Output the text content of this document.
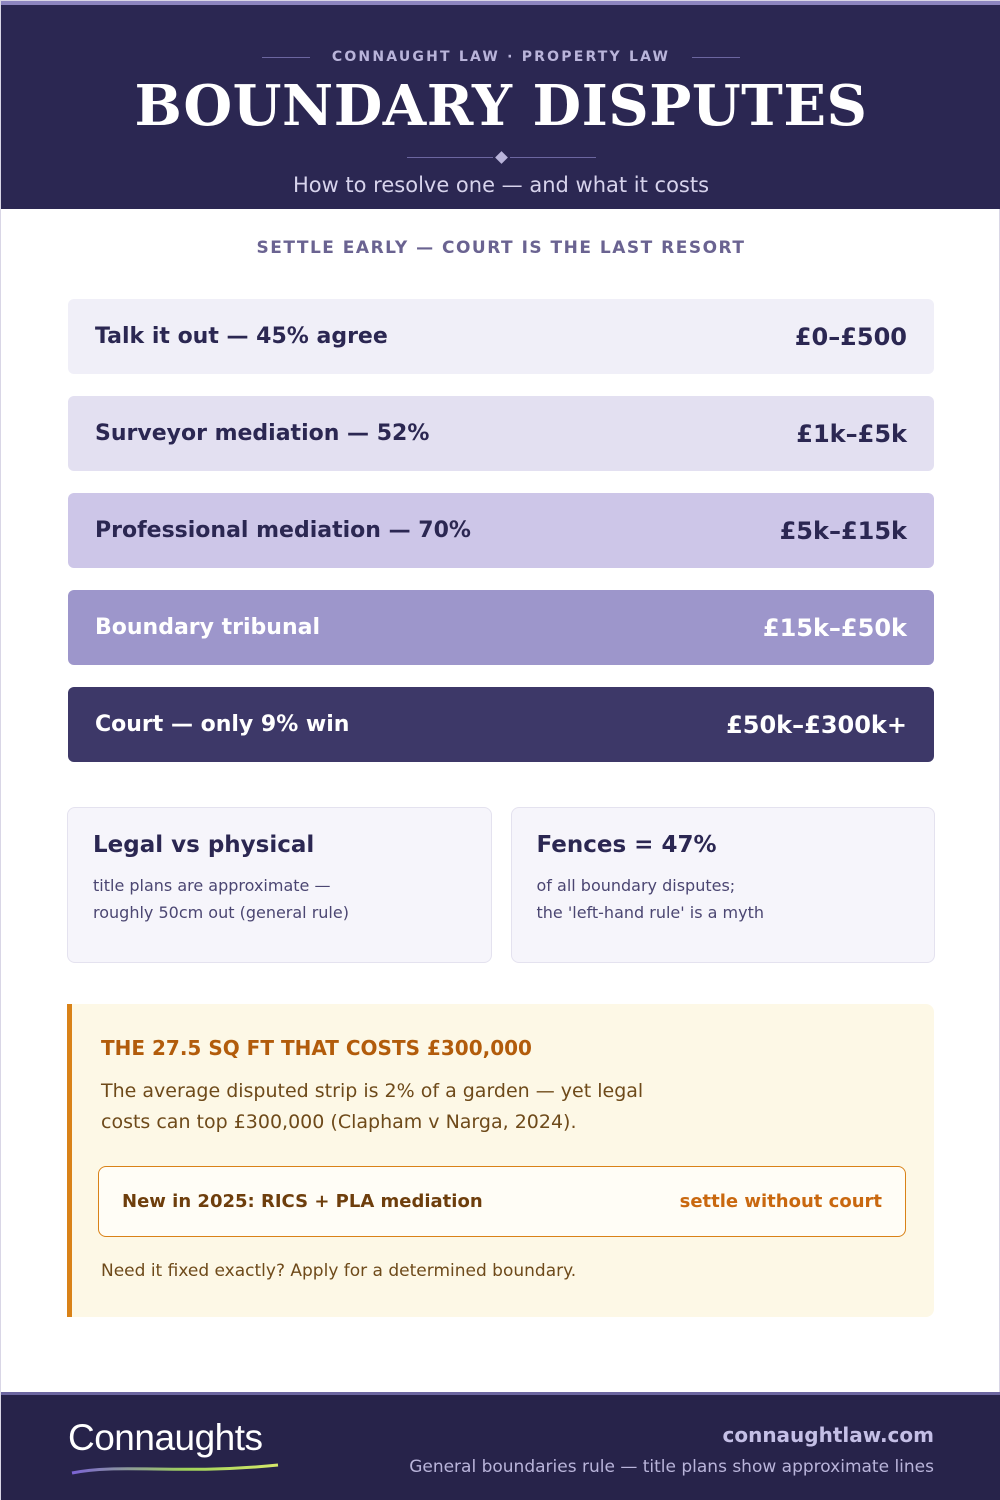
CONNAUGHT LAW · PROPERTY LAW
BOUNDARY DISPUTES
How to resolve one — and what it costs
SETTLE EARLY — COURT IS THE LAST RESORT
Talk it out — 45% agree	£0–£500
Surveyor mediation — 52%	£1k–£5k
Professional mediation — 70%	£5k–£15k
Boundary tribunal	£15k–£50k
Court — only 9% win	£50k–£300k+
Legal vs physical
title plans are approximate —
roughly 50cm out (general rule)
Fences = 47%
of all boundary disputes;
the 'left-hand rule' is a myth
THE 27.5 SQ FT THAT COSTS £300,000
The average disputed strip is 2% of a garden — yet legal
costs can top £300,000 (Clapham v Narga, 2024).
New in 2025: RICS + PLA mediation	settle without court
Need it fixed exactly? Apply for a determined boundary.
Connaughts	connaughtlaw.com
General boundaries rule — title plans show approximate lines
